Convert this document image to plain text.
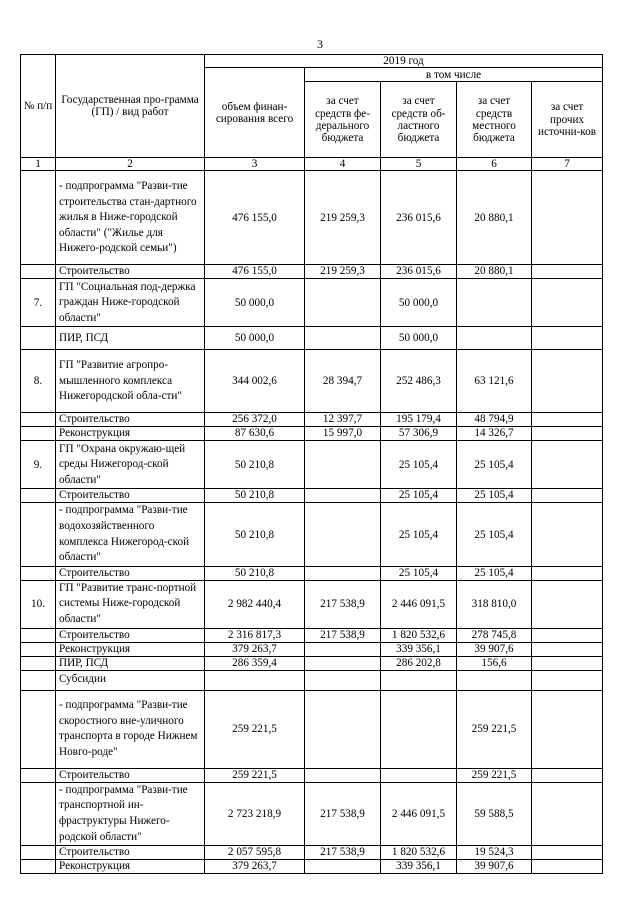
3
№ п/п	Государственная про-грамма (ГП) / вид работ	2019 год				
		объем финан-сирования всего	в том числе			
			за счет средств фе-дерального бюджета	за счет средств об-ластного бюджета	за счет средств местного бюджета	за счет прочих источни-ков
1	2	3	4	5	6	7
	- подпрограмма "Разви-тие строительства стан-дартного жилья в Ниже-городской области" ("Жилье для Нижего-родской семьи")	476 155,0	219 259,3	236 015,6	20 880,1	
	Строительство	476 155,0	219 259,3	236 015,6	20 880,1	
7.	ГП "Социальная под-держка граждан Ниже-городской области"	50 000,0		50 000,0		
	ПИР, ПСД	50 000,0		50 000,0		
8.	ГП "Развитие агропро-мышленного комплекса Нижегородской обла-сти"	344 002,6	28 394,7	252 486,3	63 121,6	
	Строительство	256 372,0	12 397,7	195 179,4	48 794,9	
	Реконструкция	87 630,6	15 997,0	57 306,9	14 326,7	
9.	ГП "Охрана окружаю-щей среды Нижегород-ской области"	50 210,8		25 105,4	25 105,4	
	Строительство	50 210,8		25 105,4	25 105,4	
	- подпрограмма "Разви-тие водохозяйственного комплекса Нижегород-ской области"	50 210,8		25 105,4	25 105,4	
	Строительство	50 210,8		25 105,4	25 105,4	
10.	ГП "Развитие транс-портной системы Ниже-городской области"	2 982 440,4	217 538,9	2 446 091,5	318 810,0	
	Строительство	2 316 817,3	217 538,9	1 820 532,6	278 745,8	
	Реконструкция	379 263,7		339 356,1	39 907,6	
	ПИР, ПСД	286 359,4		286 202,8	156,6	
	Субсидии					
	- подпрограмма "Разви-тие скоростного вне-уличного транспорта в городе Нижнем Новго-роде"	259 221,5			259 221,5	
	Строительство	259 221,5			259 221,5	
	- подпрограмма "Разви-тие транспортной ин-фраструктуры Нижего-родской области"	2 723 218,9	217 538,9	2 446 091,5	59 588,5	
	Строительство	2 057 595,8	217 538,9	1 820 532,6	19 524,3	
	Реконструкция	379 263,7		339 356,1	39 907,6	
